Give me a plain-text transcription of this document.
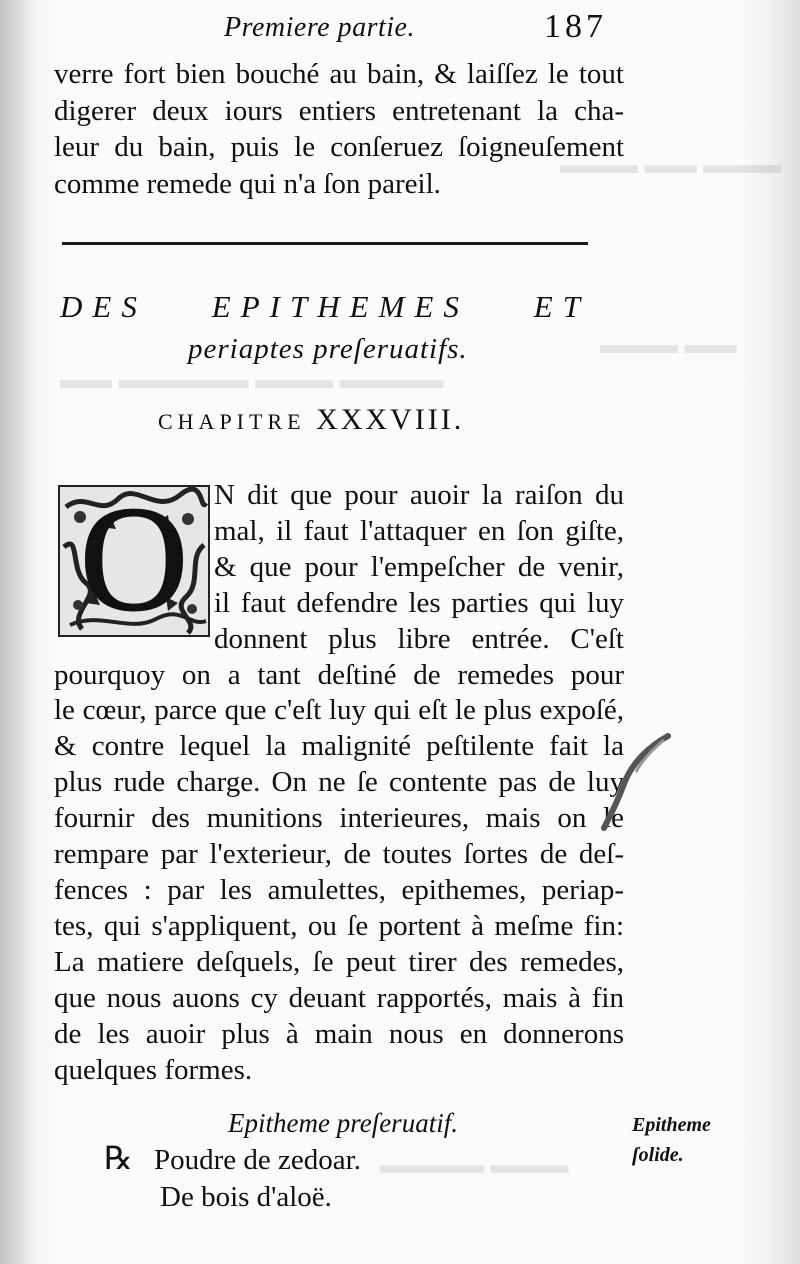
▬▬▬ ▬▬ ▬▬▬
▬▬ ▬▬▬
▬▬▬▬ ▬▬▬ ▬▬▬▬▬ ▬▬
▬▬▬ ▬▬▬▬
Premiere partie.	187
verre fort bien bouché au bain, & laiſſez le tout
digerer deux iours entiers entretenant la cha-
leur du bain, puis le conſeruez ſoigneuſement
comme remede qui n'a ſon pareil.
DES EPITHEMES ET
periaptes preſeruatifs.
CHAPITRE XXXVIII.
O N dit que pour auoir la raiſon du
mal, il faut l'attaquer en ſon giſte,
& que pour l'empeſcher de venir,
il faut defendre les parties qui luy
donnent plus libre entrée. C'eſt
pourquoy on a tant deſtiné de remedes pour
le cœur, parce que c'eſt luy qui eſt le plus expoſé,
& contre lequel la malignité peſtilente fait la
plus rude charge. On ne ſe contente pas de luy
fournir des munitions interieures, mais on le
rempare par l'exterieur, de toutes ſortes de deſ-
fences : par les amulettes, epithemes, periap-
tes, qui s'appliquent, ou ſe portent à meſme fin:
La matiere deſquels, ſe peut tirer des remedes,
que nous auons cy deuant rapportés, mais à fin
de les auoir plus à main nous en donnerons
quelques formes.
Epitheme preſeruatif.
℞ Poudre de zedoar.
De bois d'aloë.
Epitheme
ſolide.
